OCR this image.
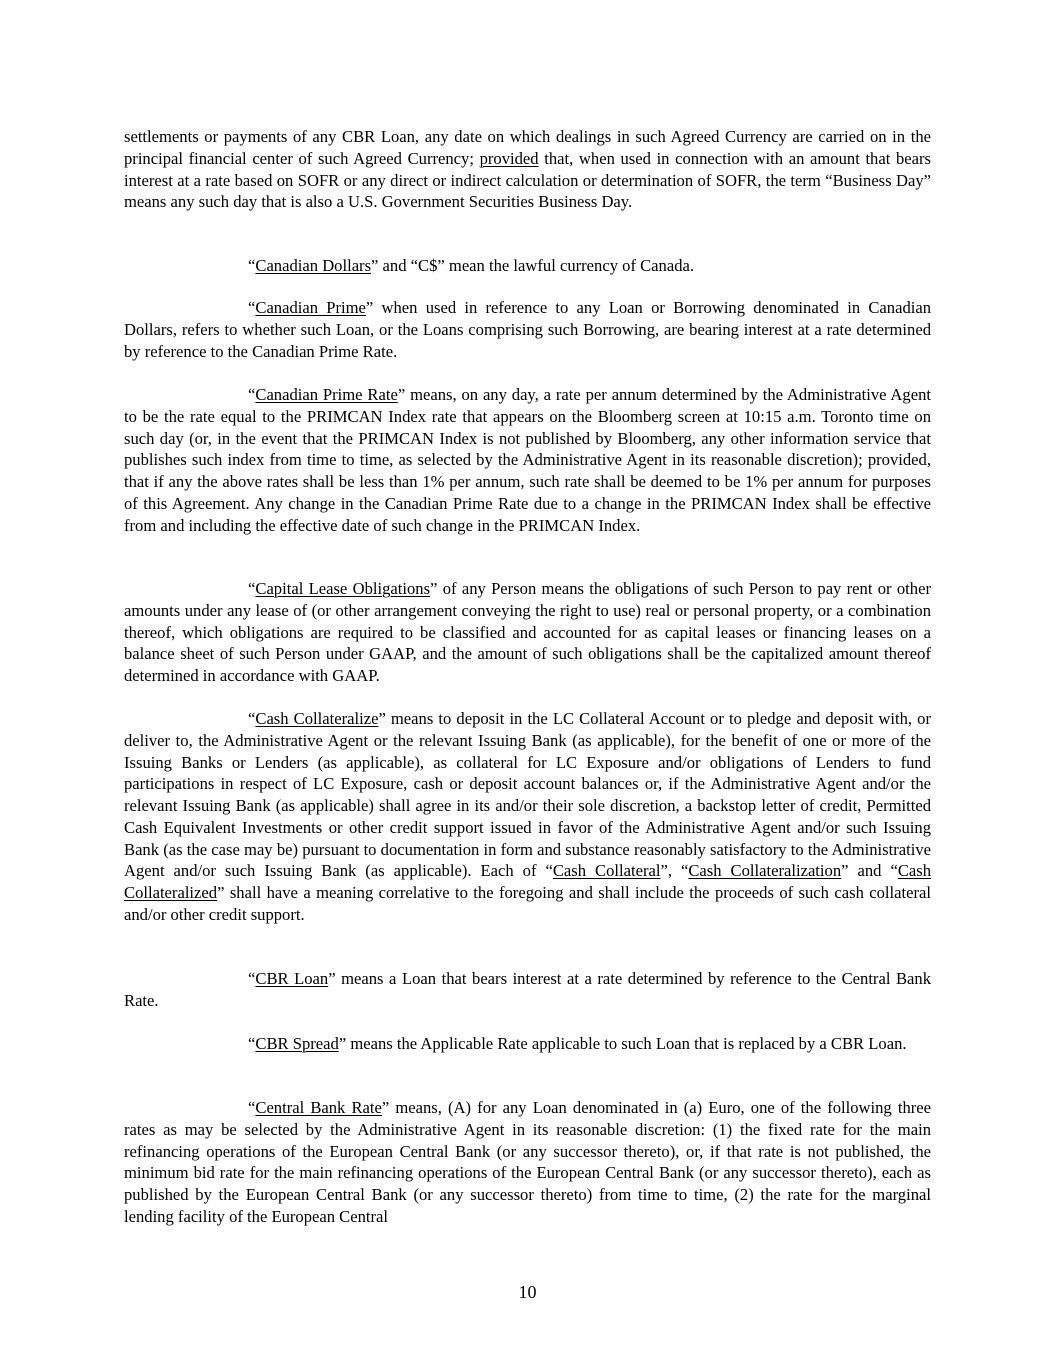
settlements or payments of any CBR Loan, any date on which dealings in such Agreed Currency are carried on in the principal financial center of such Agreed Currency; provided that, when used in connection with an amount that bears interest at a rate based on SOFR or any direct or indirect calculation or determination of SOFR, the term “Business Day” means any such day that is also a U.S. Government Securities Business Day.

“Canadian Dollars” and “C$” mean the lawful currency of Canada.

“Canadian Prime” when used in reference to any Loan or Borrowing denominated in Canadian Dollars, refers to whether such Loan, or the Loans comprising such Borrowing, are bearing interest at a rate determined by reference to the Canadian Prime Rate.

“Canadian Prime Rate” means, on any day, a rate per annum determined by the Administrative Agent to be the rate equal to the PRIMCAN Index rate that appears on the Bloomberg screen at 10:15 a.m. Toronto time on such day (or, in the event that the PRIMCAN Index is not published by Bloomberg, any other information service that publishes such index from time to time, as selected by the Administrative Agent in its reasonable discretion); provided, that if any the above rates shall be less than 1% per annum, such rate shall be deemed to be 1% per annum for purposes of this Agreement. Any change in the Canadian Prime Rate due to a change in the PRIMCAN Index shall be effective from and including the effective date of such change in the PRIMCAN Index.

“Capital Lease Obligations” of any Person means the obligations of such Person to pay rent or other amounts under any lease of (or other arrangement conveying the right to use) real or personal property, or a combination thereof, which obligations are required to be classified and accounted for as capital leases or financing leases on a balance sheet of such Person under GAAP, and the amount of such obligations shall be the capitalized amount thereof determined in accordance with GAAP.

“Cash Collateralize” means to deposit in the LC Collateral Account or to pledge and deposit with, or deliver to, the Administrative Agent or the relevant Issuing Bank (as applicable), for the benefit of one or more of the Issuing Banks or Lenders (as applicable), as collateral for LC Exposure and/or obligations of Lenders to fund participations in respect of LC Exposure, cash or deposit account balances or, if the Administrative Agent and/or the relevant Issuing Bank (as applicable) shall agree in its and/or their sole discretion, a backstop letter of credit, Permitted Cash Equivalent Investments or other credit support issued in favor of the Administrative Agent and/or such Issuing Bank (as the case may be) pursuant to documentation in form and substance reasonably satisfactory to the Administrative Agent and/or such Issuing Bank (as applicable). Each of “Cash Collateral”, “Cash Collateralization” and “Cash Collateralized” shall have a meaning correlative to the foregoing and shall include the proceeds of such cash collateral and/or other credit support.

“CBR Loan” means a Loan that bears interest at a rate determined by reference to the Central Bank Rate.

“CBR Spread” means the Applicable Rate applicable to such Loan that is replaced by a CBR Loan.

“Central Bank Rate” means, (A) for any Loan denominated in (a) Euro, one of the following three rates as may be selected by the Administrative Agent in its reasonable discretion: (1) the fixed rate for the main refinancing operations of the European Central Bank (or any successor thereto), or, if that rate is not published, the minimum bid rate for the main refinancing operations of the European Central Bank (or any successor thereto), each as published by the European Central Bank (or any successor thereto) from time to time, (2) the rate for the marginal lending facility of the European Central

10
